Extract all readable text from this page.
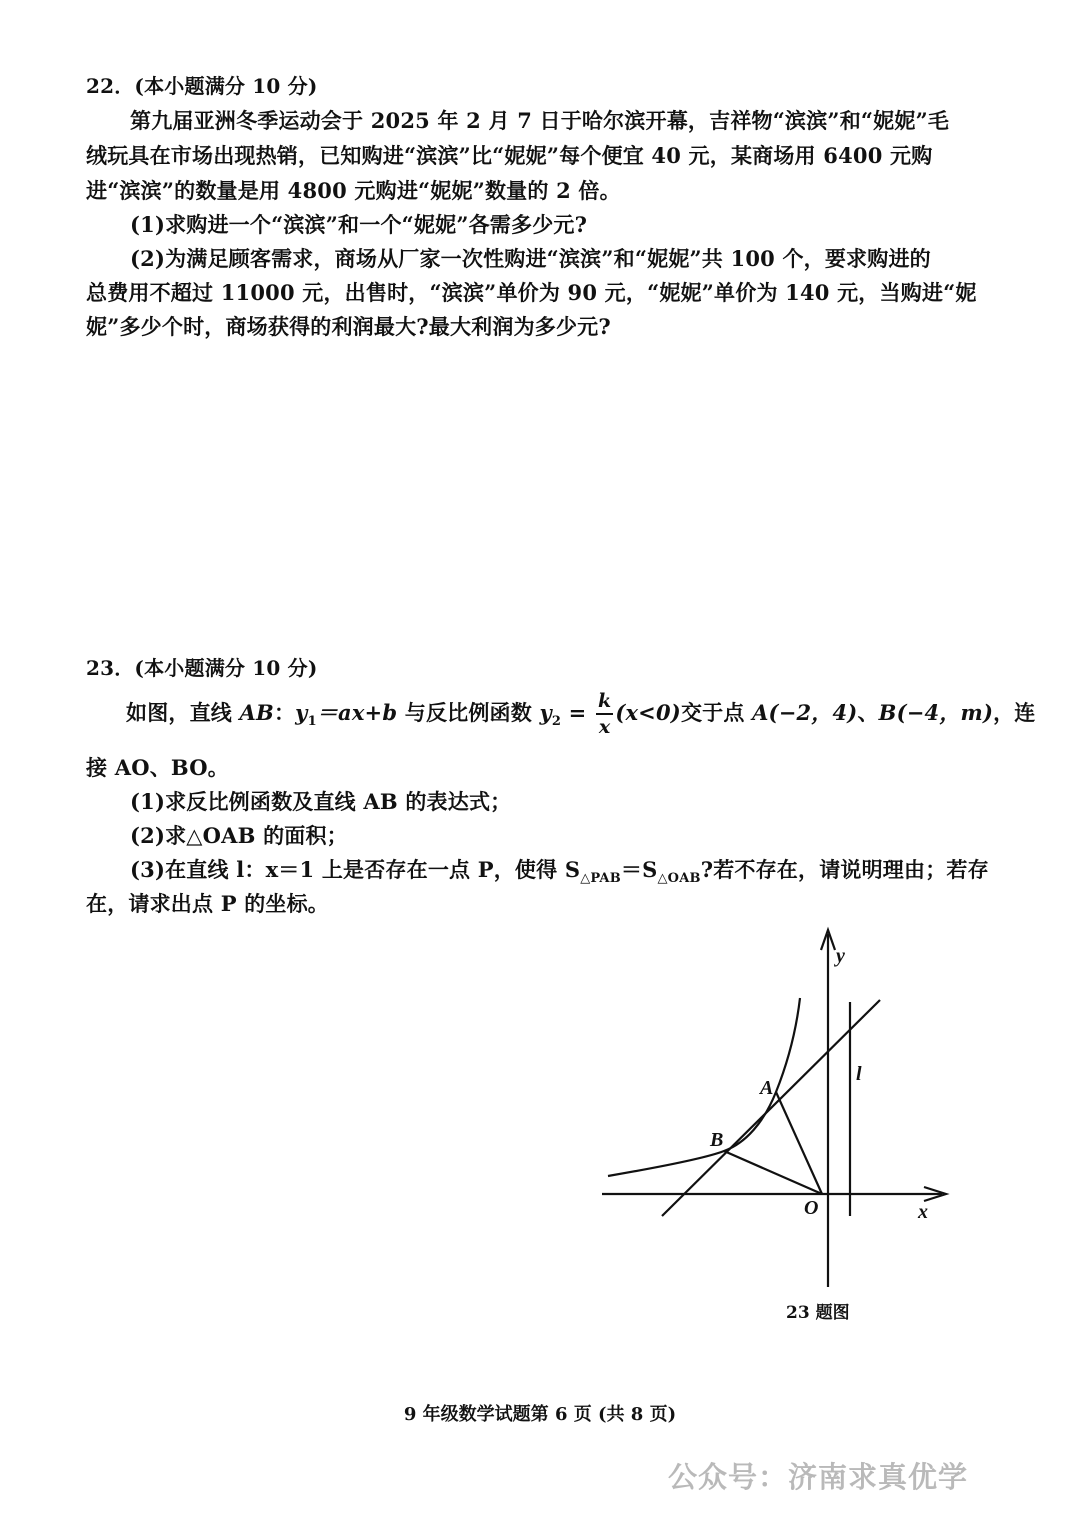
22．(本小题满分 10 分)
第九届亚洲冬季运动会于 2025 年 2 月 7 日于哈尔滨开幕，吉祥物“滨滨”和“妮妮”毛
绒玩具在市场出现热销，已知购进“滨滨”比“妮妮”每个便宜 40 元，某商场用 6400 元购
进“滨滨”的数量是用 4800 元购进“妮妮”数量的 2 倍。
(1)求购进一个“滨滨”和一个“妮妮”各需多少元?
(2)为满足顾客需求，商场从厂家一次性购进“滨滨”和“妮妮”共 100 个，要求购进的
总费用不超过 11000 元，出售时，“滨滨”单价为 90 元，“妮妮”单价为 140 元，当购进“妮
妮”多少个时，商场获得的利润最大?最大利润为多少元?
23．(本小题满分 10 分)
如图，直线 AB：$y_1=ax+b$ 与反比例函数 $y_2 = \frac{k}{x} (x<0)$交于点 A(−2，4)、B(−4，m)，连
接 AO、BO。
(1)求反比例函数及直线 AB 的表达式；
(2)求△OAB 的面积；
(3)在直线 l：x＝1 上是否存在一点 P，使得 $S_{\triangle PAB}=S_{\triangle OAB}$?若不存在，请说明理由；若存
在，请求出点 P 的坐标。
y
x
l
A
B
O
23 题图
9 年级数学试题第 6 页 (共 8 页)
公众号：济南求真优学
